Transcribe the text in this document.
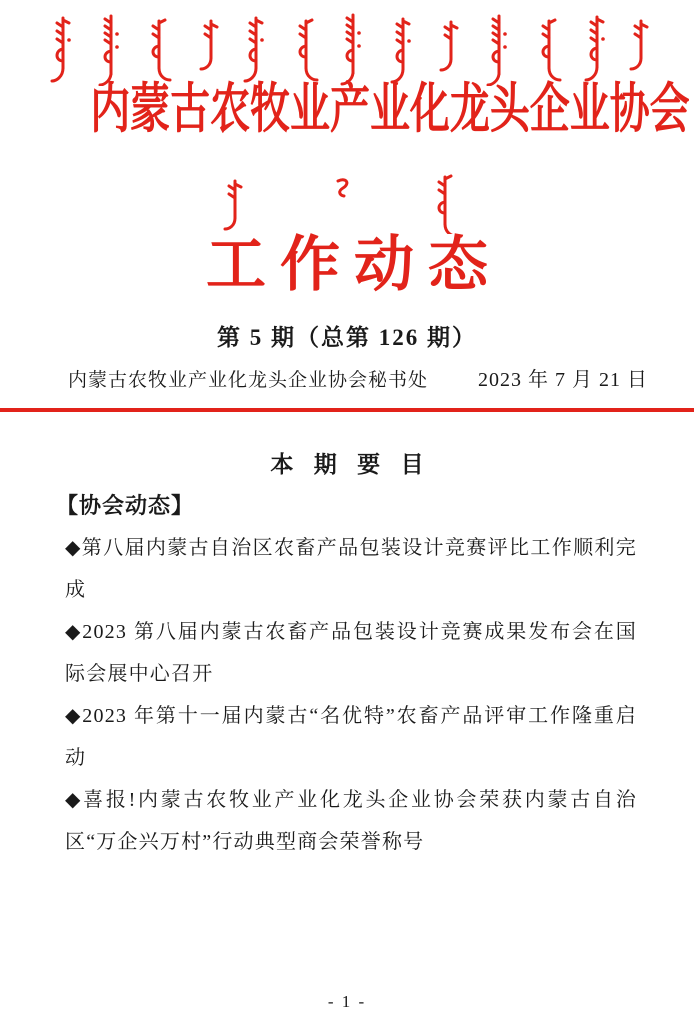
内蒙古农牧业产业化龙头企业协会
工作动态
第 5 期（总第 126 期）
内蒙古农牧业产业化龙头企业协会秘书处 2023 年 7 月 21 日
本 期 要 目
【协会动态】

◆第八届内蒙古自治区农畜产品包装设计竞赛评比工作顺利完成

◆2023 第八届内蒙古农畜产品包装设计竞赛成果发布会在国际会展中心召开

◆2023 年第十一届内蒙古“名优特”农畜产品评审工作隆重启动

◆喜报!内蒙古农牧业产业化龙头企业协会荣获内蒙古自治区“万企兴万村”行动典型商会荣誉称号

- 1 -
